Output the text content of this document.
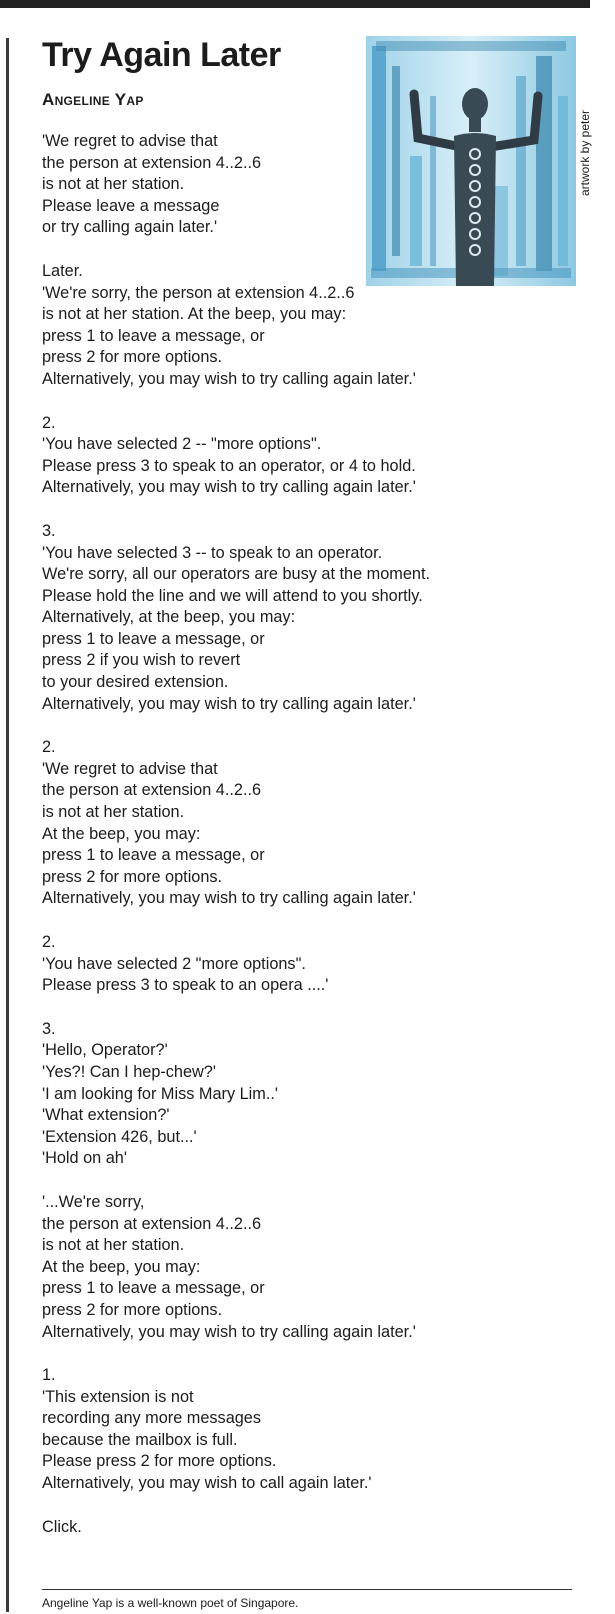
Try Again Later
Angeline Yap
artwork by peter
'We regret to advise that
the person at extension 4..2..6
is not at her station.
Please leave a message
or try calling again later.'
Later.
'We're sorry, the person at extension 4..2..6
is not at her station. At the beep, you may:
press 1 to leave a message, or
press 2 for more options.
Alternatively, you may wish to try calling again later.'
2.
'You have selected 2 -- "more options".
Please press 3 to speak to an operator, or 4 to hold.
Alternatively, you may wish to try calling again later.'
3.
'You have selected 3 -- to speak to an operator.
We're sorry, all our operators are busy at the moment.
Please hold the line and we will attend to you shortly.
Alternatively, at the beep, you may:
press 1 to leave a message, or
press 2 if you wish to revert
to your desired extension.
Alternatively, you may wish to try calling again later.'
2.
'We regret to advise that
the person at extension 4..2..6
is not at her station.
At the beep, you may:
press 1 to leave a message, or
press 2 for more options.
Alternatively, you may wish to try calling again later.'
2.
'You have selected 2 "more options".
Please press 3 to speak to an opera ....'
3.
'Hello, Operator?'
'Yes?! Can I hep-chew?'
'I am looking for Miss Mary Lim..'
'What extension?'
'Extension 426, but...'
'Hold on ah'
'...We're sorry,
the person at extension 4..2..6
is not at her station.
At the beep, you may:
press 1 to leave a message, or
press 2 for more options.
Alternatively, you may wish to try calling again later.'
1.
'This extension is not
recording any more messages
because the mailbox is full.
Please press 2 for more options.
Alternatively, you may wish to call again later.'
Click.
Angeline Yap is a well-known poet of Singapore.
